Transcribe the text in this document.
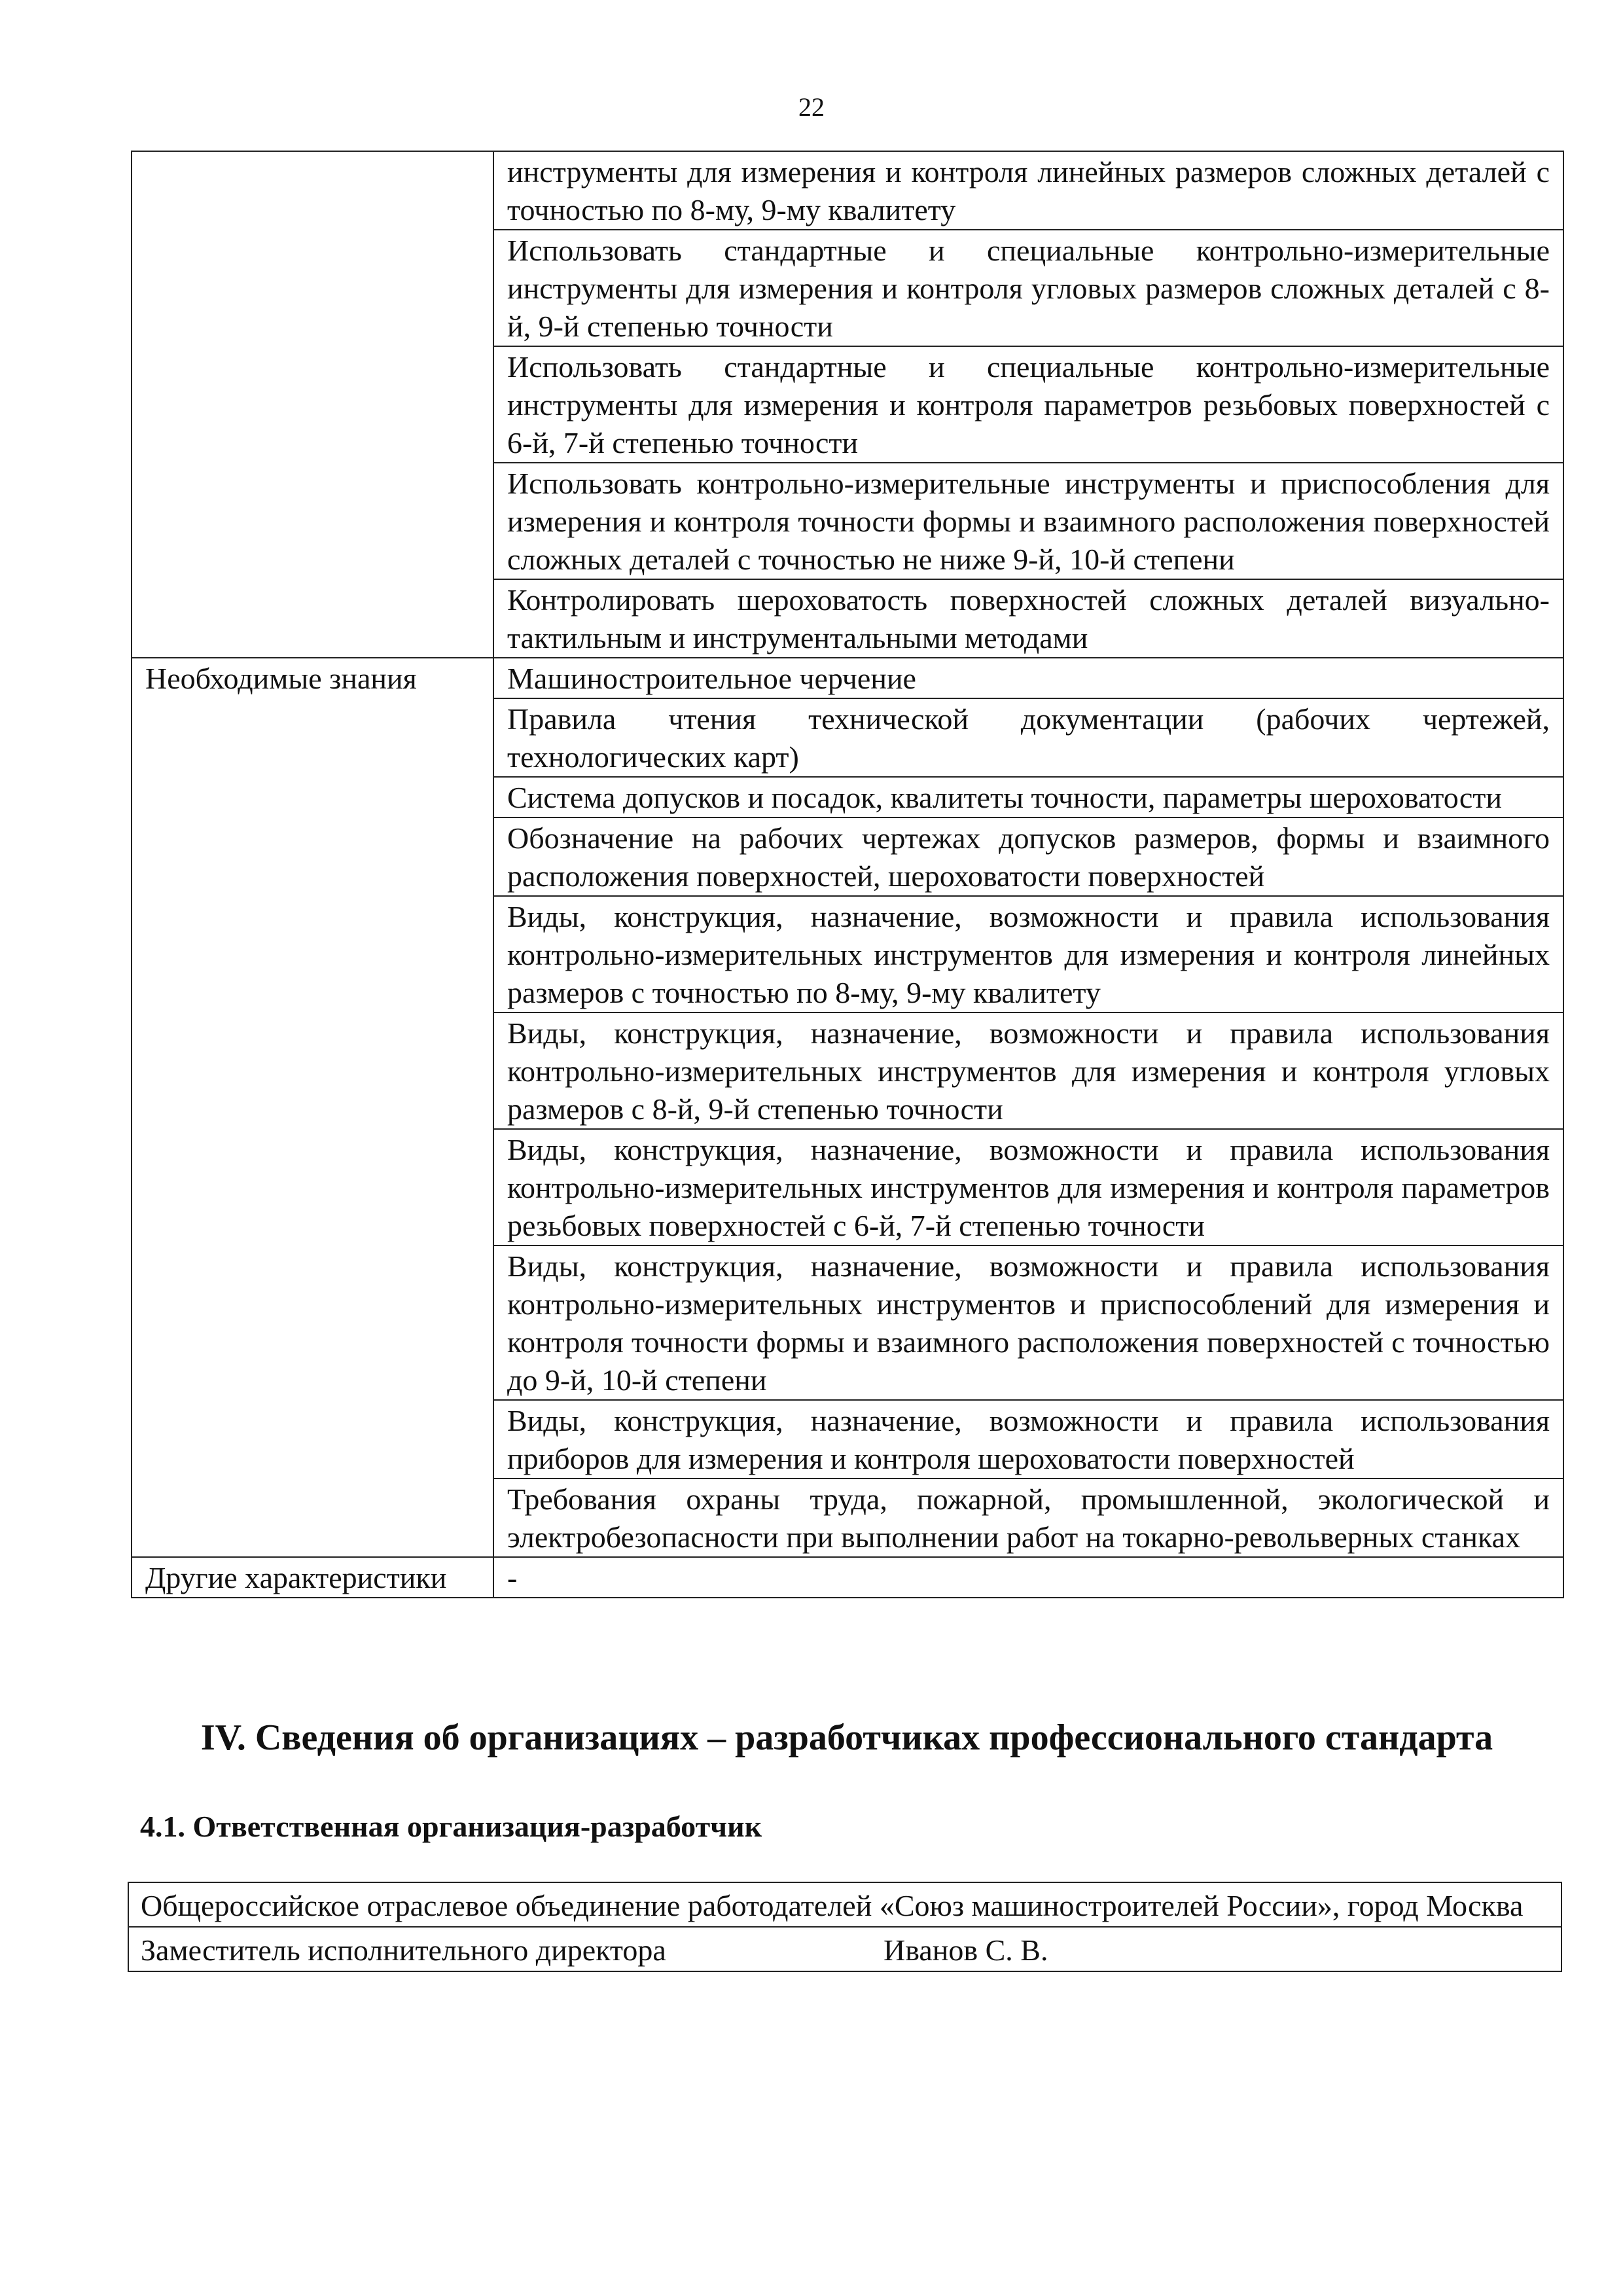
22
	инструменты для измерения и контроля линейных размеров сложных деталей с точностью по 8-му, 9-му квалитету
	Использовать стандартные и специальные контрольно-измерительные инструменты для измерения и контроля угловых размеров сложных деталей с 8-й, 9-й степенью точности
	Использовать стандартные и специальные контрольно-измерительные инструменты для измерения и контроля параметров резьбовых поверхностей с 6-й, 7-й степенью точности
	Использовать контрольно-измерительные инструменты и приспособления для измерения и контроля точности формы и взаимного расположения поверхностей сложных деталей с точностью не ниже 9-й, 10-й степени
	Контролировать шероховатость поверхностей сложных деталей визуально-тактильным и инструментальными методами
Необходимые знания	Машиностроительное черчение
	Правила чтения технической документации (рабочих чертежей, технологических карт)
	Система допусков и посадок, квалитеты точности, параметры шероховатости
	Обозначение на рабочих чертежах допусков размеров, формы и взаимного расположения поверхностей, шероховатости поверхностей
	Виды, конструкция, назначение, возможности и правила использования контрольно-измерительных инструментов для измерения и контроля линейных размеров с точностью по 8-му, 9-му квалитету
	Виды, конструкция, назначение, возможности и правила использования контрольно-измерительных инструментов для измерения и контроля угловых размеров с 8-й, 9-й степенью точности
	Виды, конструкция, назначение, возможности и правила использования контрольно-измерительных инструментов для измерения и контроля параметров резьбовых поверхностей с 6-й, 7-й степенью точности
	Виды, конструкция, назначение, возможности и правила использования контрольно-измерительных инструментов и приспособлений для измерения и контроля точности формы и взаимного расположения поверхностей с точностью до 9-й, 10-й степени
	Виды, конструкция, назначение, возможности и правила использования приборов для измерения и контроля шероховатости поверхностей
	Требования охраны труда, пожарной, промышленной, экологической и электробезопасности при выполнении работ на токарно-револьверных станках
Другие характеристики	-
IV. Сведения об организациях – разработчиках профессионального стандарта
4.1. Ответственная организация-разработчик
Общероссийское отраслевое объединение работодателей «Союз машиностроителей России», город Москва

Заместитель исполнительного директора	Иванов С. В.
